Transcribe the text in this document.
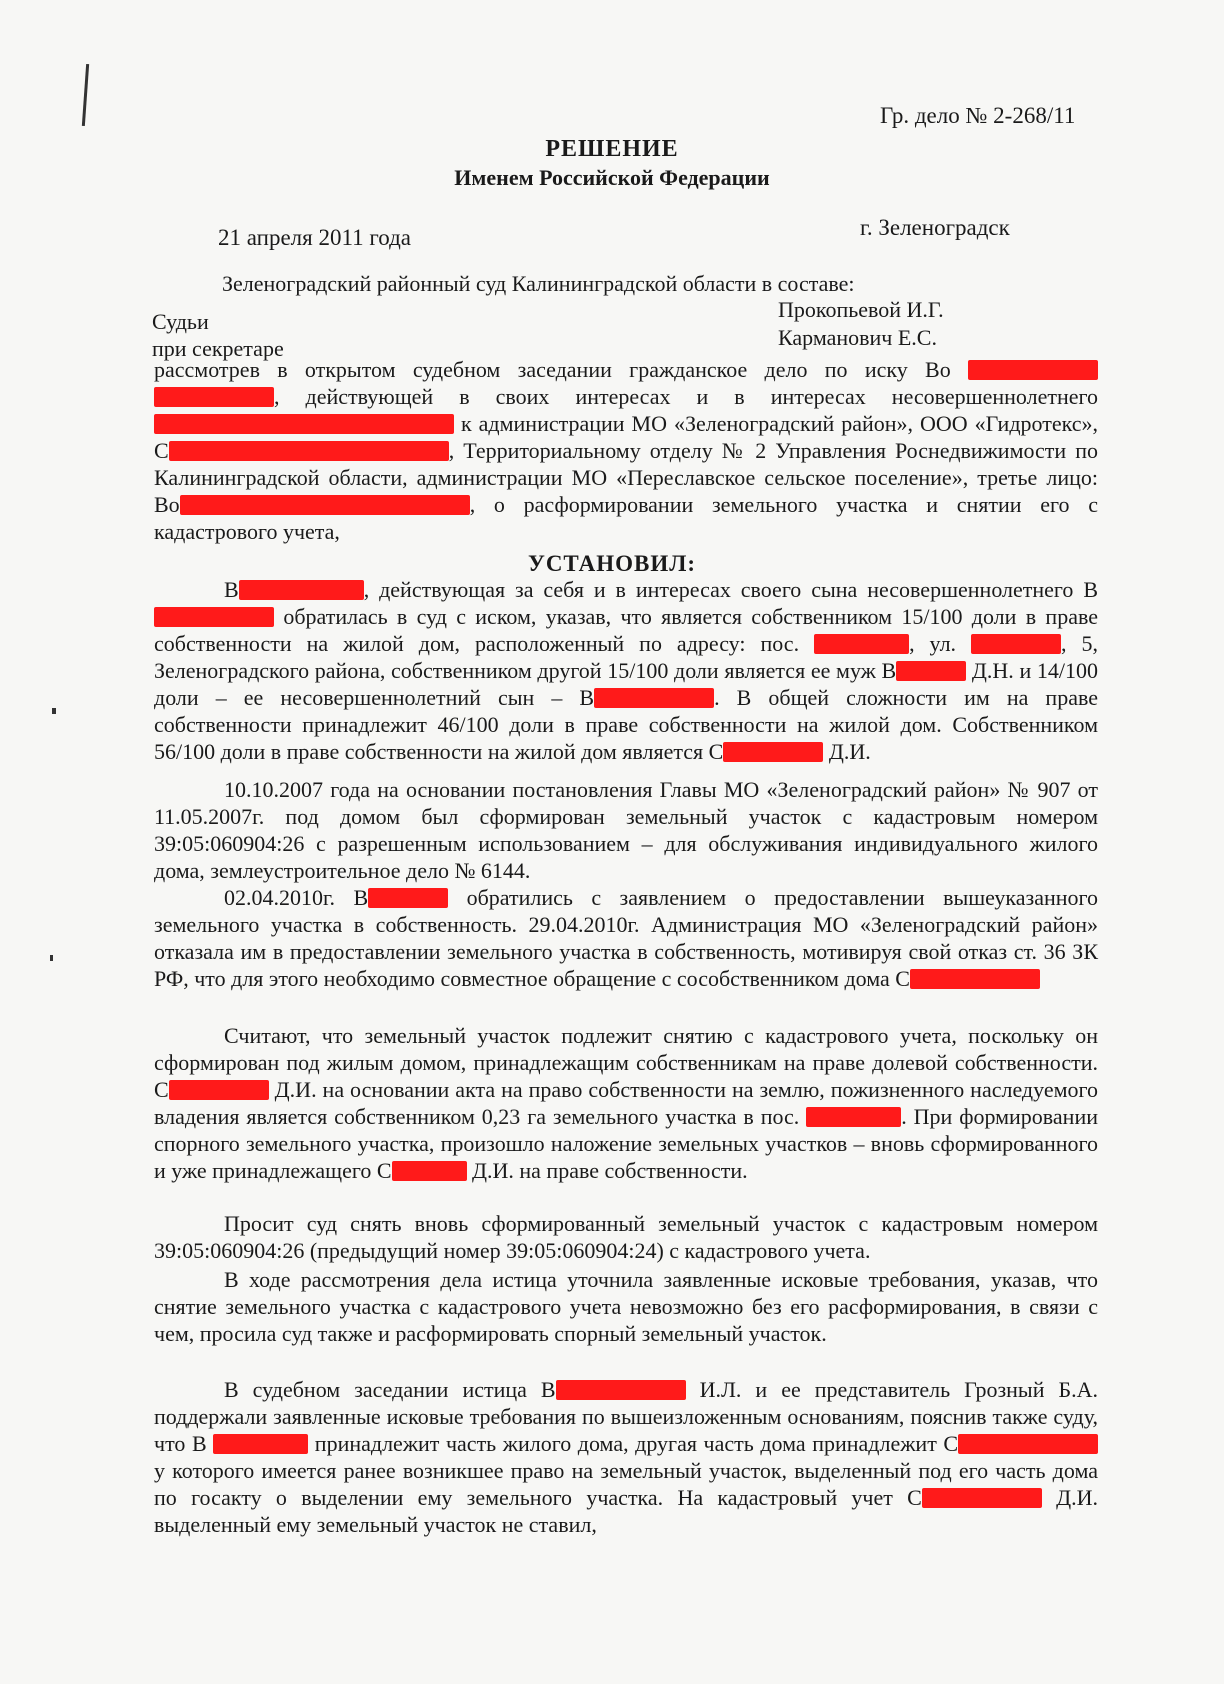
Гр. дело № 2-268/11
РЕШЕНИЕ
Именем Российской Федерации
21 апреля 2011 года	г. Зеленоградск
Зеленоградский районный суд Калининградской области в составе:
Судьи	Прокопьевой И.Г.
при секретаре	Карманович Е.С.
рассмотрев в открытом судебном заседании гражданское дело по иску Во  , действующей в своих интересах и в интересах несовершеннолетнего  к администрации МО «Зеленоградский район», ООО «Гидротекс», С	, Территориальному отделу № 2 Управления Роснедвижимости по Калининградской области, администрации МО «Переславское сельское поселение», третье лицо: Во	, о расформировании земельного участка и снятии его с кадастрового учета,
УСТАНОВИЛ:
В	, действующая за себя и в интересах своего сына несовершеннолетнего В обратилась в суд с иском, указав, что является собственником 15/100 доли в праве собственности на жилой дом, расположенный по адресу: пос.	, ул.	, 5, Зеленоградского района, собственником другой 15/100 доли является ее муж В	Д.Н. и 14/100 доли – ее несовершеннолетний сын – В	. В общей сложности им на праве собственности принадлежит 46/100 доли в праве собственности на жилой дом. Собственником 56/100 доли в праве собственности на жилой дом является С	Д.И.
10.10.2007 года на основании постановления Главы МО «Зеленоградский район» № 907 от 11.05.2007г. под домом был сформирован земельный участок с кадастровым номером 39:05:060904:26 с разрешенным использованием – для обслуживания индивидуального жилого дома, землеустроительное дело № 6144.
02.04.2010г. В	обратились с заявлением о предоставлении вышеуказанного земельного участка в собственность. 29.04.2010г. Администрация МО «Зеленоградский район» отказала им в предоставлении земельного участка в собственность, мотивируя свой отказ ст. 36 ЗК РФ, что для этого необходимо совместное обращение с сособственником дома С
Считают, что земельный участок подлежит снятию с кадастрового учета, поскольку он сформирован под жилым домом, принадлежащим собственникам на праве долевой собственности. С	Д.И. на основании акта на право собственности на землю, пожизненного наследуемого владения является собственником 0,23 га земельного участка в пос.	. При формировании спорного земельного участка, произошло наложение земельных участков – вновь сформированного и уже принадлежащего С	Д.И. на праве собственности.
Просит суд снять вновь сформированный земельный участок с кадастровым номером 39:05:060904:26 (предыдущий номер 39:05:060904:24) с кадастрового учета.
В ходе рассмотрения дела истица уточнила заявленные исковые требования, указав, что снятие земельного участка с кадастрового учета невозможно без его расформирования, в связи с чем, просила суд также и расформировать спорный земельный участок.
В судебном заседании истица В	И.Л. и ее представитель Грозный Б.А. поддержали заявленные исковые требования по вышеизложенным основаниям, пояснив также суду, что В	принадлежит часть жилого дома, другая часть дома принадлежит С у которого имеется ранее возникшее право на земельный участок, выделенный под его часть дома по госакту о выделении ему земельного участка. На кадастровый учет С	Д.И. выделенный ему земельный участок не ставил,
